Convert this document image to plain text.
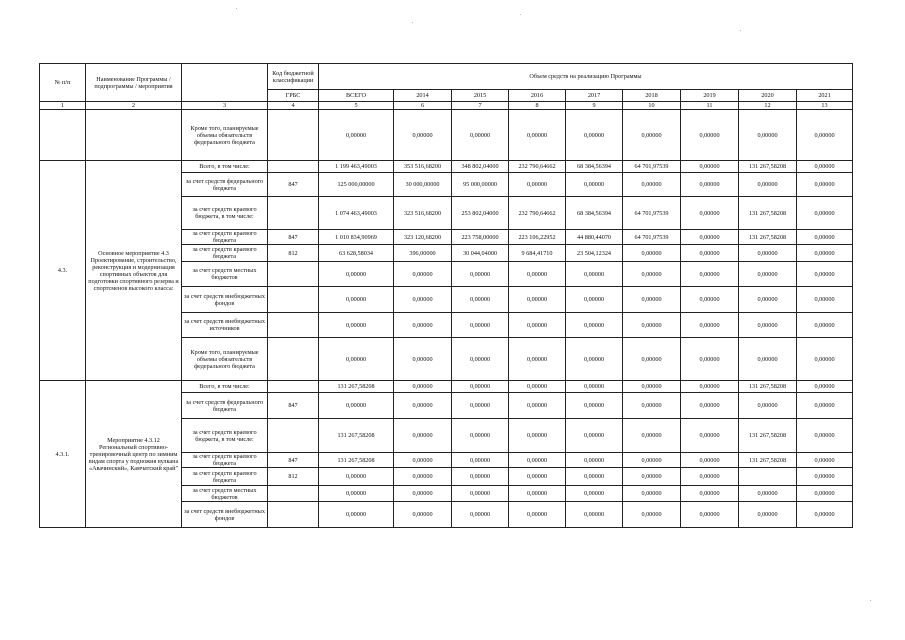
№ п/п	Наименование Программы / подпрограммы / мероприятия		Код бюджетной классификации	Объем средств на реализацию Программы								
			ГРБС	ВСЕГО	2014	2015	2016	2017	2018	2019	2020	2021
1	2	3	4	5	6	7	8	9	10	11	12	13
		Кроме того, планируемые объемы обязательств федерального бюджета		0,00000	0,00000	0,00000	0,00000	0,00000	0,00000	0,00000	0,00000	0,00000
4.3.	Основное мероприятие 4.3 Проектирование, строительство, реконструкция и модернизация спортивных объектов для подготовки спортивного резерва и спортсменов высокого класса:	Всего, в том числе:		1 199 463,49003	353 516,68200	348 802,04000	232 790,64662	68 384,56394	64 701,97539	0,00000	131 267,58208	0,00000
		за счет средств федерального бюджета	847	125 000,00000	30 000,00000	95 000,00000	0,00000	0,00000	0,00000	0,00000	0,00000	0,00000
		за счет средств краевого бюджета, в том числе:		1 074 463,49003	323 516,68200	253 802,04000	232 790,64662	68 384,56394	64 701,97539	0,00000	131 267,58208	0,00000
		за счет средств краевого бюджета	847	1 010 834,90969	323 120,68200	223 758,00000	223 106,22952	44 880,44070	64 701,97539	0,00000	131 267,58208	0,00000
		за счет средств краевого бюджета	812	63 628,58034	396,00000	30 044,04000	9 684,41710	23 504,12324	0,00000	0,00000	0,00000	0,00000
		за счет средств местных бюджетов		0,00000	0,00000	0,00000	0,00000	0,00000	0,00000	0,00000	0,00000	0,00000
		за счет средств внебюджетных фондов		0,00000	0,00000	0,00000	0,00000	0,00000	0,00000	0,00000	0,00000	0,00000
		за счет средств внебюджетных источников		0,00000	0,00000	0,00000	0,00000	0,00000	0,00000	0,00000	0,00000	0,00000
		Кроме того, планируемые объемы обязательств федерального бюджета		0,00000	0,00000	0,00000	0,00000	0,00000	0,00000	0,00000	0,00000	0,00000
4.3.1.	Мероприятие 4.3.12 Региональный спортивно-тренировочный центр по зимним видам спорта у подножия вулкана «Авачинский», Камчатский край"	Всего, в том числе:		131 267,58208	0,00000	0,00000	0,00000	0,00000	0,00000	0,00000	131 267,58208	0,00000
		за счет средств федерального бюджета	847	0,00000	0,00000	0,00000	0,00000	0,00000	0,00000	0,00000	0,00000	0,00000
		за счет средств краевого бюджета, в том числе:		131 267,58208	0,00000	0,00000	0,00000	0,00000	0,00000	0,00000	131 267,58208	0,00000
		за счет средств краевого бюджета	847	131 267,58208	0,00000	0,00000	0,00000	0,00000	0,00000	0,00000	131 267,58208	0,00000
		за счет средств краевого бюджета	812	0,00000	0,00000	0,00000	0,00000	0,00000	0,00000	0,00000		0,00000
		за счет средств местных бюджетов		0,00000	0,00000	0,00000	0,00000	0,00000	0,00000	0,00000	0,00000	0,00000
		за счет средств внебюджетных фондов		0,00000	0,00000	0,00000	0,00000	0,00000	0,00000	0,00000	0,00000	0,00000
